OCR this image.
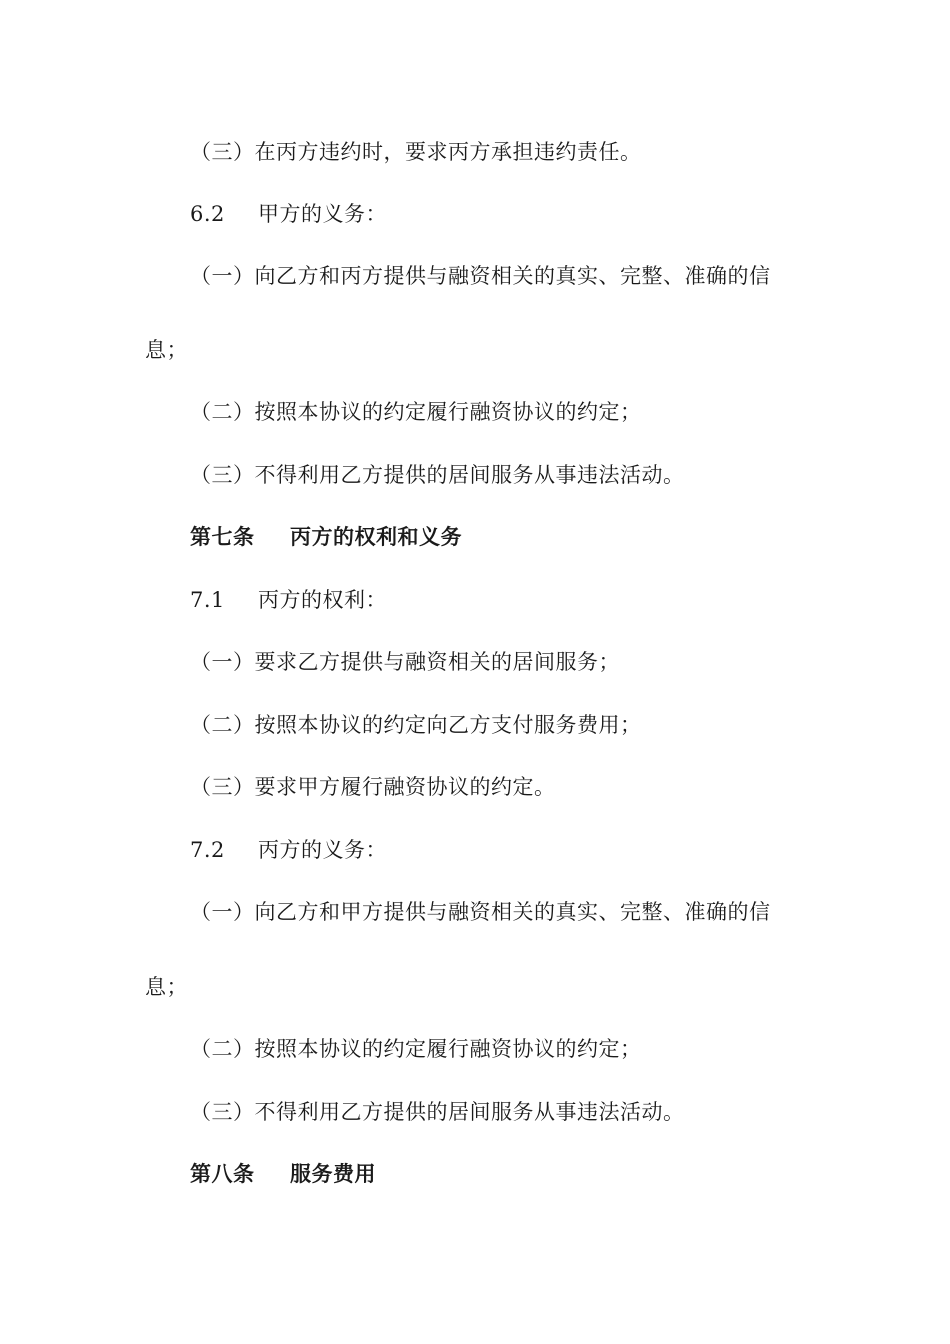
（三）在丙方违约时，要求丙方承担违约责任。
6.2 甲方的义务：
（一）向乙方和丙方提供与融资相关的真实、完整、准确的信
息；
（二）按照本协议的约定履行融资协议的约定；
（三）不得利用乙方提供的居间服务从事违法活动。
第七条 丙方的权利和义务
7.1 丙方的权利：
（一）要求乙方提供与融资相关的居间服务；
（二）按照本协议的约定向乙方支付服务费用；
（三）要求甲方履行融资协议的约定。
7.2 丙方的义务：
（一）向乙方和甲方提供与融资相关的真实、完整、准确的信
息；
（二）按照本协议的约定履行融资协议的约定；
（三）不得利用乙方提供的居间服务从事违法活动。
第八条 服务费用
